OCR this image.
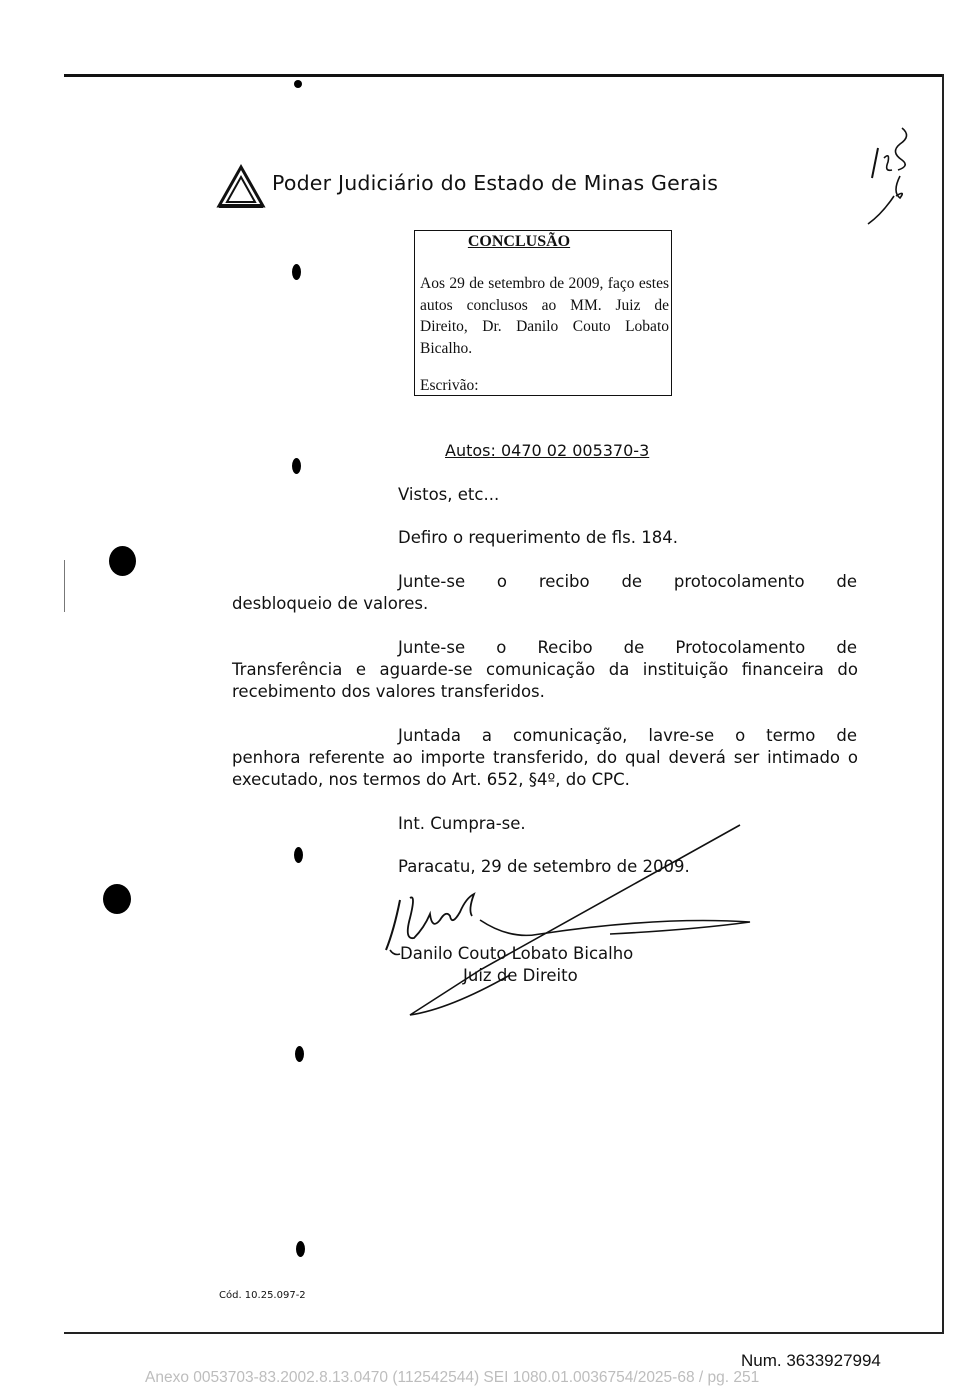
Poder Judiciário do Estado de Minas Gerais
CONCLUSÃO
Aos 29 de setembro de 2009, faço estes autos conclusos ao MM. Juiz de Direito, Dr. Danilo Couto Lobato Bicalho.
Escrivão:
Autos: 0470 02 005370-3
Vistos, etc...
Defiro o requerimento de fls. 184.
Junte-se o recibo de protocolamento de
desbloqueio de valores.
Junte-se o Recibo de Protocolamento de
Transferência e aguarde-se comunicação da instituição financeira do
recebimento dos valores transferidos.
Juntada a comunicação, lavre-se o termo de
penhora referente ao importe transferido, do qual deverá ser intimado o
executado, nos termos do Art. 652, §4º, do CPC.
Int. Cumpra-se.
Paracatu, 29 de setembro de 2009.
Danilo Couto Lobato Bicalho
Juiz de Direito
Cód. 10.25.097-2
Num. 3633927994
Anexo 0053703-83.2002.8.13.0470 (112542544) SEI 1080.01.0036754/2025-68 / pg. 251
